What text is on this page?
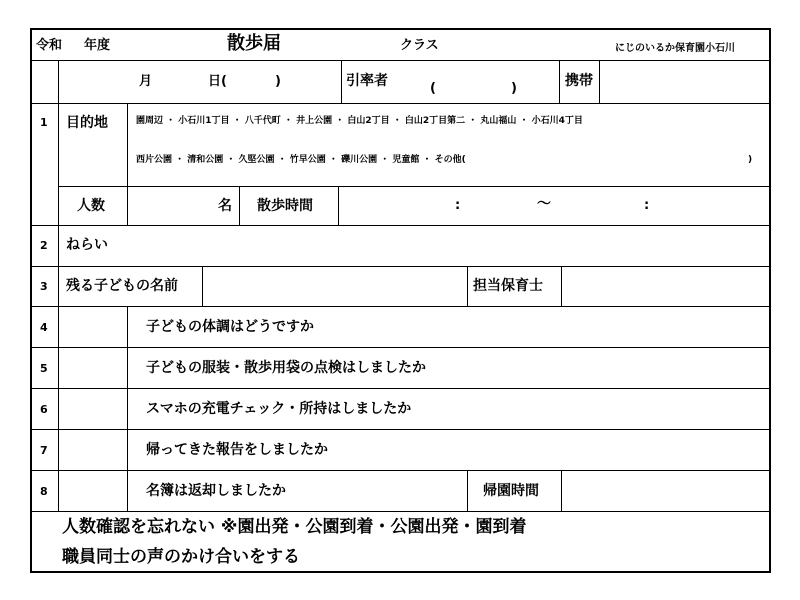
令和 年度	散歩届	クラス	にじのいるか保育園小石川
月	日(	)	引率者	(	)	携帯
1 目的地	園周辺 ・ 小石川1丁目 ・ 八千代町 ・ 井上公園 ・ 白山2丁目 ・ 白山2丁目第二 ・ 丸山福山 ・ 小石川4丁目
西片公園 ・ 清和公園 ・ 久堅公園 ・ 竹早公園 ・ 礫川公園 ・ 児童館 ・ その他(	)
人数	名 散歩時間	:	～	:
2 ねらい
3 残る子どもの名前	担当保育士
4	子どもの体調はどうですか
5	子どもの服装・散歩用袋の点検はしましたか
6	スマホの充電チェック・所持はしましたか
7	帰ってきた報告をしましたか
8	名簿は返却しましたか	帰園時間
人数確認を忘れない ※園出発・公園到着・公園出発・園到着
職員同士の声のかけ合いをする
